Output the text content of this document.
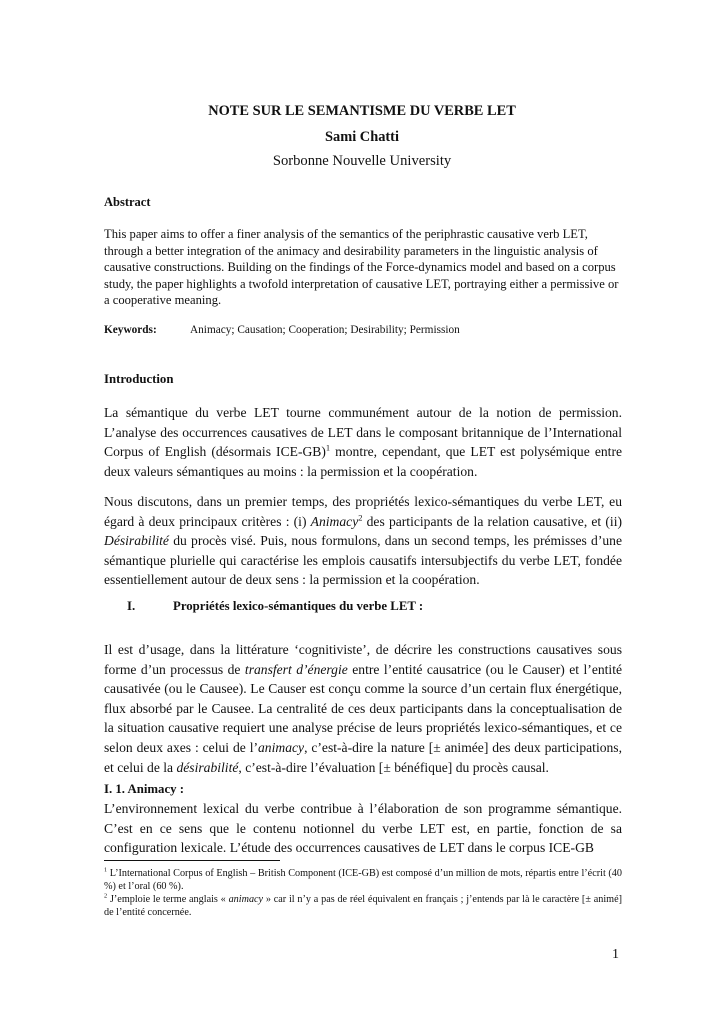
NOTE SUR LE SEMANTISME DU VERBE LET

Sami Chatti

Sorbonne Nouvelle University

Abstract

This paper aims to offer a finer analysis of the semantics of the periphrastic causative verb LET, through a better integration of the animacy and desirability parameters in the linguistic analysis of causative constructions. Building on the findings of the Force-dynamics model and based on a corpus study, the paper highlights a twofold interpretation of causative LET, portraying either a permissive or a cooperative meaning.

Keywords:	Animacy; Causation; Cooperation; Desirability; Permission

Introduction

La sémantique du verbe LET tourne communément autour de la notion de permission. L’analyse des occurrences causatives de LET dans le composant britannique de l’International Corpus of English (désormais ICE-GB)$^1$ montre, cependant, que LET est polysémique entre deux valeurs sémantiques au moins : la permission et la coopération.

Nous discutons, dans un premier temps, des propriétés lexico-sémantiques du verbe LET, eu égard à deux principaux critères : (i) Animacy$^2$ des participants de la relation causative, et (ii) Désirabilité du procès visé. Puis, nous formulons, dans un second temps, les prémisses d’une sémantique plurielle qui caractérise les emplois causatifs intersubjectifs du verbe LET, fondée essentiellement autour de deux sens : la permission et la coopération.

I.	Propriétés lexico-sémantiques du verbe LET :

Il est d’usage, dans la littérature ‘cognitiviste’, de décrire les constructions causatives sous forme d’un processus de transfert d’énergie entre l’entité causatrice (ou le Causer) et l’entité causativée (ou le Causee). Le Causer est conçu comme la source d’un certain flux énergétique, flux absorbé par le Causee. La centralité de ces deux participants dans la conceptualisation de la situation causative requiert une analyse précise de leurs propriétés lexico-sémantiques, et ce selon deux axes : celui de l’animacy, c’est-à-dire la nature [± animée] des deux participations, et celui de la désirabilité, c’est-à-dire l’évaluation [± bénéfique] du procès causal.

I. 1. Animacy :

L’environnement lexical du verbe contribue à l’élaboration de son programme sémantique. C’est en ce sens que le contenu notionnel du verbe LET est, en partie, fonction de sa configuration lexicale. L’étude des occurrences causatives de LET dans le corpus ICE-GB

$^1$ L’International Corpus of English – British Component (ICE-GB) est composé d’un million de mots, répartis entre l’écrit (40 %) et l’oral (60 %).

$^2$ J’emploie le terme anglais « animacy » car il n’y a pas de réel équivalent en français ; j’entends par là le caractère [± animé] de l’entité concernée.

1
